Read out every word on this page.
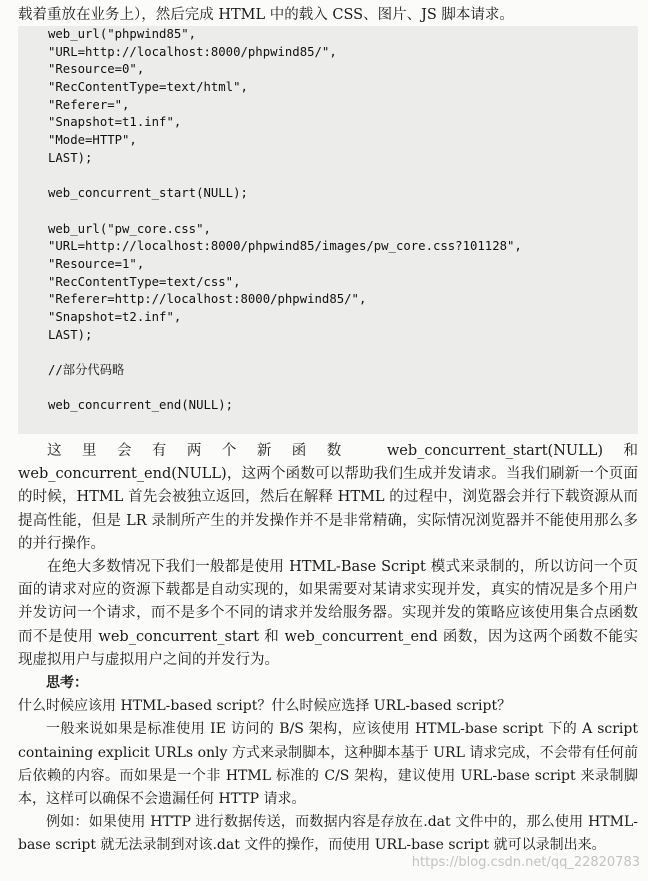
载着重放在业务上），然后完成 HTML 中的载入 CSS、图片、JS 脚本请求。
web_url("phpwind85",
"URL=http://localhost:8000/phpwind85/",
"Resource=0",
"RecContentType=text/html",
"Referer=",
"Snapshot=t1.inf",
"Mode=HTTP",
LAST);
web_concurrent_start(NULL);
web_url("pw_core.css",
"URL=http://localhost:8000/phpwind85/images/pw_core.css?101128",
"Resource=1",
"RecContentType=text/css",
"Referer=http://localhost:8000/phpwind85/",
"Snapshot=t2.inf",
LAST);
//部分代码略
web_concurrent_end(NULL);

这里会有两个新函数 web_concurrent_start(NULL)和 web_concurrent_end(NULL)，这两个函数可以帮助我们生成并发请求。当我们刷新一个页面的时候，HTML 首先会被独立返回，然后在解释 HTML 的过程中，浏览器会并行下载资源从而提高性能，但是 LR 录制所产生的并发操作并不是非常精确，实际情况浏览器并不能使用那么多的并行操作。

在绝大多数情况下我们一般都是使用 HTML-Base Script 模式来录制的，所以访问一个页面的请求对应的资源下载都是自动实现的，如果需要对某请求实现并发，真实的情况是多个用户并发访问一个请求，而不是多个不同的请求并发给服务器。实现并发的策略应该使用集合点函数而不是使用 web_concurrent_start 和 web_concurrent_end 函数，因为这两个函数不能实现虚拟用户与虚拟用户之间的并发行为。

思考：

什么时候应该用 HTML-based script？什么时候应选择 URL-based script？

一般来说如果是标准使用 IE 访问的 B/S 架构，应该使用 HTML-base script 下的 A script containing explicit URLs only 方式来录制脚本，这种脚本基于 URL 请求完成，不会带有任何前后依赖的内容。而如果是一个非 HTML 标准的 C/S 架构，建议使用 URL-base script 来录制脚本，这样可以确保不会遗漏任何 HTTP 请求。

例如：如果使用 HTTP 进行数据传送，而数据内容是存放在.dat 文件中的，那么使用 HTML-base script 就无法录制到对该.dat 文件的操作，而使用 URL-base script 就可以录制出来。

https://blog.csdn.net/qq_22820783
